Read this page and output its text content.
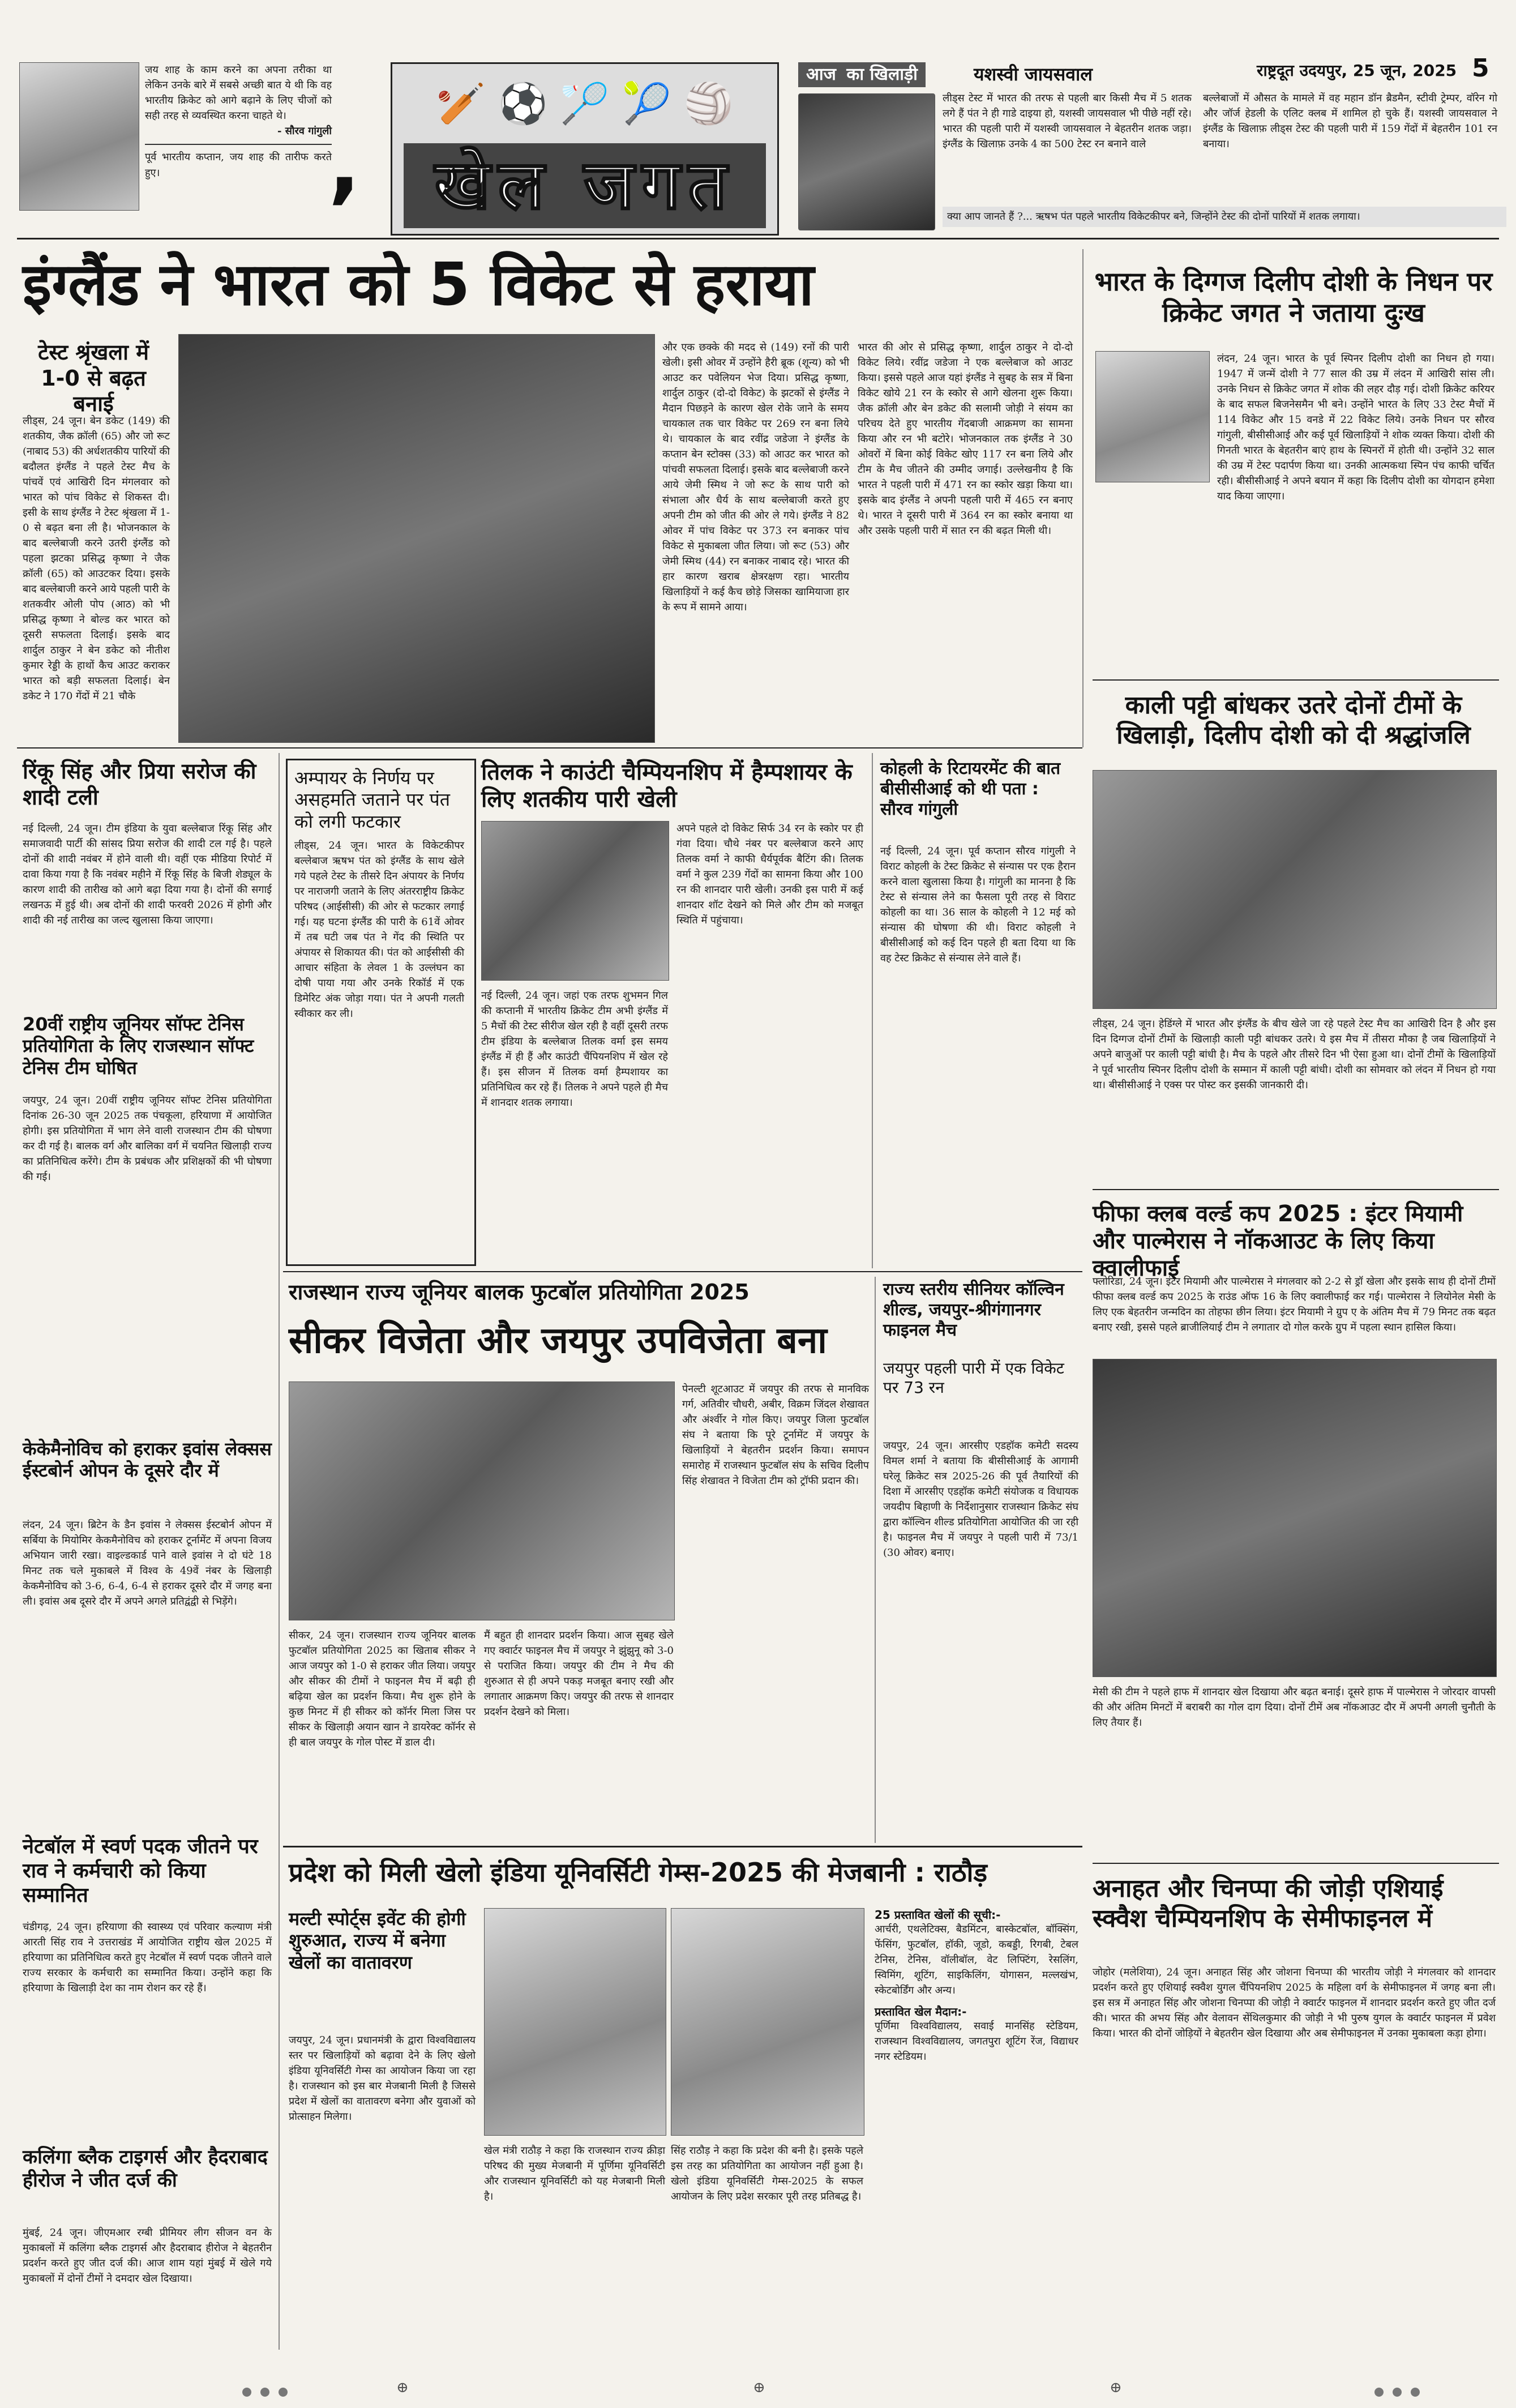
जय शाह के काम करने का अपना तरीका था लेकिन उनके बारे में सबसे अच्छी बात ये थी कि वह भारतीय क्रिकेट को आगे बढ़ाने के लिए चीजों को सही तरह से व्यवस्थित करना चाहते थे।
- सौरव गांगुली
पूर्व भारतीय कप्तान, जय शाह की तारीफ करते हुए।	,
🏏 ⚽ 🏸 🎾 🏐
खेल जगत
आज का खिलाड़ी	यशस्वी जायसवाल	राष्ट्रदूत उदयपुर, 25 जून, 2025 5
लीड्स टेस्ट में भारत की तरफ से पहली बार किसी मैच में 5 शतक लगे हैं पंत ने ही गाडे दाइया हो, यशस्वी जायसवाल भी पीछे नहीं रहे। भारत की पहली पारी में यशस्वी जायसवाल ने बेहतरीन शतक जड़ा। इंग्लैंड के खिलाफ़ उनके 4 का 500 टेस्ट रन बनाने वाले
बल्लेबाजों में औसत के मामले में वह महान डॉन ब्रैडमैन, स्टीवी ट्रेम्पर, वॉरेन गो और जॉर्ज हेडली के एलिट क्लब में शामिल हो चुके हैं। यशस्वी जायसवाल ने इंग्लैंड के खिलाफ़ लीड्स टेस्ट की पहली पारी में 159 गेंदों में बेहतरीन 101 रन बनाया।
क्या आप जानते हैं ?... ऋषभ पंत पहले भारतीय विकेटकीपर बने, जिन्होंने टेस्ट की दोनों पारियों में शतक लगाया।
इंग्लैंड ने भारत को 5 विकेट से हराया
टेस्ट श्रृंखला में 1-0 से बढ़त बनाई
लीड्स, 24 जून। बेन डकेट (149) की शतकीय, जैक क्रॉली (65) और जो रूट (नाबाद 53) की अर्धशतकीय पारियों की बदौलत इंग्लैंड ने पहले टेस्ट मैच के पांचवें एवं आखिरी दिन मंगलवार को भारत को पांच विकेट से शिकस्त दी। इसी के साथ इंग्लैंड ने टेस्ट श्रृंखला में 1-0 से बढ़त बना ली है। भोजनकाल के बाद बल्लेबाजी करने उतरी इंग्लैंड को पहला झटका प्रसिद्ध कृष्णा ने जैक क्रॉली (65) को आउटकर दिया। इसके बाद बल्लेबाजी करने आये पहली पारी के शतकवीर ओली पोप (आठ) को भी प्रसिद्ध कृष्णा ने बोल्ड कर भारत को दूसरी सफलता दिलाई। इसके बाद शार्दुल ठाकुर ने बेन डकेट को नीतीश कुमार रेड्डी के हाथों कैच आउट कराकर भारत को बड़ी सफलता दिलाई। बेन डकेट ने 170 गेंदों में 21 चौके
और एक छक्के की मदद से (149) रनों की पारी खेली। इसी ओवर में उन्होंने हैरी ब्रूक (शून्य) को भी आउट कर पवेलियन भेज दिया। प्रसिद्ध कृष्णा, शार्दुल ठाकुर (दो-दो विकेट) के झटकों से इंग्लैंड ने मैदान पिछड़ने के कारण खेल रोके जाने के समय चायकाल तक चार विकेट पर 269 रन बना लिये थे। चायकाल के बाद रवींद्र जडेजा ने इंग्लैंड के कप्तान बेन स्टोक्स (33) को आउट कर भारत को पांचवी सफलता दिलाई। इसके बाद बल्लेबाजी करने आये जेमी स्मिथ ने जो रूट के साथ पारी को संभाला और धैर्य के साथ बल्लेबाजी करते हुए अपनी टीम को जीत की ओर ले गये। इंग्लैंड ने 82 ओवर में पांच विकेट पर 373 रन बनाकर पांच विकेट से मुकाबला जीत लिया। जो रूट (53) और जेमी स्मिथ (44) रन बनाकर नाबाद रहे। भारत की हार कारण खराब क्षेत्ररक्षण रहा। भारतीय खिलाड़ियों ने कई कैच छोड़े जिसका खामियाजा हार के रूप में सामने आया।
भारत की ओर से प्रसिद्ध कृष्णा, शार्दुल ठाकुर ने दो-दो विकेट लिये। रवींद्र जडेजा ने एक बल्लेबाज को आउट किया। इससे पहले आज यहां इंग्लैंड ने सुबह के सत्र में बिना विकेट खोये 21 रन के स्कोर से आगे खेलना शुरू किया। जैक क्रॉली और बेन डकेट की सलामी जोड़ी ने संयम का परिचय देते हुए भारतीय गेंदबाजी आक्रमण का सामना किया और रन भी बटोरे। भोजनकाल तक इंग्लैंड ने 30 ओवरों में बिना कोई विकेट खोए 117 रन बना लिये और टीम के मैच जीतने की उम्मीद जगाई। उल्लेखनीय है कि भारत ने पहली पारी में 471 रन का स्कोर खड़ा किया था। इसके बाद इंग्लैंड ने अपनी पहली पारी में 465 रन बनाए थे। भारत ने दूसरी पारी में 364 रन का स्कोर बनाया था और उसके पहली पारी में सात रन की बढ़त मिली थी।
भारत के दिग्गज दिलीप दोशी के निधन पर क्रिकेट जगत ने जताया दुःख
लंदन, 24 जून। भारत के पूर्व स्पिनर दिलीप दोशी का निधन हो गया। 1947 में जन्में दोशी ने 77 साल की उम्र में लंदन में आखिरी सांस ली। उनके निधन से क्रिकेट जगत में शोक की लहर दौड़ गई। दोशी क्रिकेट करियर के बाद सफल बिजनेसमैन भी बने। उन्होंने भारत के लिए 33 टेस्ट मैचों में 114 विकेट और 15 वनडे में 22 विकेट लिये। उनके निधन पर सौरव गांगुली, बीसीसीआई और कई पूर्व खिलाड़ियों ने शोक व्यक्त किया। दोशी की गिनती भारत के बेहतरीन बाएं हाथ के स्पिनरों में होती थी। उन्होंने 32 साल की उम्र में टेस्ट पदार्पण किया था। उनकी आत्मकथा स्पिन पंच काफी चर्चित रही। बीसीसीआई ने अपने बयान में कहा कि दिलीप दोशी का योगदान हमेशा याद किया जाएगा।
काली पट्टी बांधकर उतरे दोनों टीमों के खिलाड़ी, दिलीप दोशी को दी श्रद्धांजलि
लीड्स, 24 जून। हेडिंग्ले में भारत और इंग्लैंड के बीच खेले जा रहे पहले टेस्ट मैच का आखिरी दिन है और इस दिन दिग्गज दोनों टीमों के खिलाड़ी काली पट्टी बांधकर उतरे। ये इस मैच में तीसरा मौका है जब खिलाड़ियों ने अपने बाजुओं पर काली पट्टी बांधी है। मैच के पहले और तीसरे दिन भी ऐसा हुआ था। दोनों टीमों के खिलाड़ियों ने पूर्व भारतीय स्पिनर दिलीप दोशी के सम्मान में काली पट्टी बांधी। दोशी का सोमवार को लंदन में निधन हो गया था। बीसीसीआई ने एक्स पर पोस्ट कर इसकी जानकारी दी।
फीफा क्लब वर्ल्ड कप 2025 : इंटर मियामी और पाल्मेरास ने नॉकआउट के लिए किया क्वालीफाई
फ्लोरिडा, 24 जून। इंटर मियामी और पाल्मेरास ने मंगलवार को 2-2 से ड्रॉ खेला और इसके साथ ही दोनों टीमों फीफा क्लब वर्ल्ड कप 2025 के राउंड ऑफ 16 के लिए क्वालीफाई कर गई। पाल्मेरास ने लियोनेल मेसी के लिए एक बेहतरीन जन्मदिन का तोहफा छीन लिया। इंटर मियामी ने ग्रुप ए के अंतिम मैच में 79 मिनट तक बढ़त बनाए रखी, इससे पहले ब्राजीलियाई टीम ने लगातार दो गोल करके ग्रुप में पहला स्थान हासिल किया।
मेसी की टीम ने पहले हाफ में शानदार खेल दिखाया और बढ़त बनाई। दूसरे हाफ में पाल्मेरास ने जोरदार वापसी की और अंतिम मिनटों में बराबरी का गोल दाग दिया। दोनों टीमें अब नॉकआउट दौर में अपनी अगली चुनौती के लिए तैयार हैं।
अनाहत और चिनप्पा की जोड़ी एशियाई स्क्वैश चैम्पियनशिप के सेमीफाइनल में
जोहोर (मलेशिया), 24 जून। अनाहत सिंह और जोशना चिनप्पा की भारतीय जोड़ी ने मंगलवार को शानदार प्रदर्शन करते हुए एशियाई स्क्वैश युगल चैंपियनशिप 2025 के महिला वर्ग के सेमीफाइनल में जगह बना ली। इस सत्र में अनाहत सिंह और जोशना चिनप्पा की जोड़ी ने क्वार्टर फाइनल में शानदार प्रदर्शन करते हुए जीत दर्ज की। भारत की अभय सिंह और वेलावन सेंथिलकुमार की जोड़ी ने भी पुरुष युगल के क्वार्टर फाइनल में प्रवेश किया। भारत की दोनों जोड़ियों ने बेहतरीन खेल दिखाया और अब सेमीफाइनल में उनका मुकाबला कड़ा होगा।
रिंकू सिंह और प्रिया सरोज की शादी टली
नई दिल्ली, 24 जून। टीम इंडिया के युवा बल्लेबाज रिंकू सिंह और समाजवादी पार्टी की सांसद प्रिया सरोज की शादी टल गई है। पहले दोनों की शादी नवंबर में होने वाली थी। वहीं एक मीडिया रिपोर्ट में दावा किया गया है कि नवंबर महीने में रिंकू सिंह के बिजी शेड्यूल के कारण शादी की तारीख को आगे बढ़ा दिया गया है। दोनों की सगाई लखनऊ में हुई थी। अब दोनों की शादी फरवरी 2026 में होगी और शादी की नई तारीख का जल्द खुलासा किया जाएगा।
20वीं राष्ट्रीय जूनियर सॉफ्ट टेनिस प्रतियोगिता के लिए राजस्थान सॉफ्ट टेनिस टीम घोषित
जयपुर, 24 जून। 20वीं राष्ट्रीय जूनियर सॉफ्ट टेनिस प्रतियोगिता दिनांक 26-30 जून 2025 तक पंचकूला, हरियाणा में आयोजित होगी। इस प्रतियोगिता में भाग लेने वाली राजस्थान टीम की घोषणा कर दी गई है। बालक वर्ग और बालिका वर्ग में चयनित खिलाड़ी राज्य का प्रतिनिधित्व करेंगे। टीम के प्रबंधक और प्रशिक्षकों की भी घोषणा की गई।
केकेमैनोविच को हराकर इवांस लेक्सस ईस्टबोर्न ओपन के दूसरे दौर में
लंदन, 24 जून। ब्रिटेन के डैन इवांस ने लेक्सस ईस्टबोर्न ओपन में सर्बिया के मियोमिर केकमैनोविच को हराकर टूर्नामेंट में अपना विजय अभियान जारी रखा। वाइल्डकार्ड पाने वाले इवांस ने दो घंटे 18 मिनट तक चले मुकाबले में विश्व के 49वें नंबर के खिलाड़ी केकमैनोविच को 3-6, 6-4, 6-4 से हराकर दूसरे दौर में जगह बना ली। इवांस अब दूसरे दौर में अपने अगले प्रतिद्वंद्वी से भिड़ेंगे।
नेटबॉल में स्वर्ण पदक जीतने पर राव ने कर्मचारी को किया सम्मानित
चंडीगढ़, 24 जून। हरियाणा की स्वास्थ्य एवं परिवार कल्याण मंत्री आरती सिंह राव ने उत्तराखंड में आयोजित राष्ट्रीय खेल 2025 में हरियाणा का प्रतिनिधित्व करते हुए नेटबॉल में स्वर्ण पदक जीतने वाले राज्य सरकार के कर्मचारी का सम्मानित किया। उन्होंने कहा कि हरियाणा के खिलाड़ी देश का नाम रोशन कर रहे हैं।
कलिंगा ब्लैक टाइगर्स और हैदराबाद हीरोज ने जीत दर्ज की
मुंबई, 24 जून। जीएमआर रग्बी प्रीमियर लीग सीजन वन के मुकाबलों में कलिंगा ब्लैक टाइगर्स और हैदराबाद हीरोज ने बेहतरीन प्रदर्शन करते हुए जीत दर्ज की। आज शाम यहां मुंबई में खेले गये मुकाबलों में दोनों टीमों ने दमदार खेल दिखाया।
अम्पायर के निर्णय पर असहमति जताने पर पंत को लगी फटकार
लीड्स, 24 जून। भारत के विकेटकीपर बल्लेबाज ऋषभ पंत को इंग्लैंड के साथ खेले गये पहले टेस्ट के तीसरे दिन अंपायर के निर्णय पर नाराजगी जताने के लिए अंतरराष्ट्रीय क्रिकेट परिषद (आईसीसी) की ओर से फटकार लगाई गई। यह घटना इंग्लैंड की पारी के 61वें ओवर में तब घटी जब पंत ने गेंद की स्थिति पर अंपायर से शिकायत की। पंत को आईसीसी की आचार संहिता के लेवल 1 के उल्लंघन का दोषी पाया गया और उनके रिकॉर्ड में एक डिमेरिट अंक जोड़ा गया। पंत ने अपनी गलती स्वीकार कर ली।
तिलक ने काउंटी चैम्पियनशिप में हैम्पशायर के लिए शतकीय पारी खेली
नई दिल्ली, 24 जून। जहां एक तरफ शुभमन गिल की कप्तानी में भारतीय क्रिकेट टीम अभी इंग्लैंड में 5 मैचों की टेस्ट सीरीज खेल रही है वहीं दूसरी तरफ टीम इंडिया के बल्लेबाज तिलक वर्मा इस समय इंग्लैंड में ही हैं और काउंटी चैंपियनशिप में खेल रहे हैं। इस सीजन में तिलक वर्मा हैम्पशायर का प्रतिनिधित्व कर रहे हैं। तिलक ने अपने पहले ही मैच में शानदार शतक लगाया।
अपने पहले दो विकेट सिर्फ 34 रन के स्कोर पर ही गंवा दिया। चौथे नंबर पर बल्लेबाज करने आए तिलक वर्मा ने काफी धैर्यपूर्वक बैटिंग की। तिलक वर्मा ने कुल 239 गेंदों का सामना किया और 100 रन की शानदार पारी खेली। उनकी इस पारी में कई शानदार शॉट देखने को मिले और टीम को मजबूत स्थिति में पहुंचाया।
कोहली के रिटायरमेंट की बात बीसीसीआई को थी पता : सौरव गांगुली
नई दिल्ली, 24 जून। पूर्व कप्तान सौरव गांगुली ने विराट कोहली के टेस्ट क्रिकेट से संन्यास पर एक हैरान करने वाला खुलासा किया है। गांगुली का मानना है कि टेस्ट से संन्यास लेने का फैसला पूरी तरह से विराट कोहली का था। 36 साल के कोहली ने 12 मई को संन्यास की घोषणा की थी। विराट कोहली ने बीसीसीआई को कई दिन पहले ही बता दिया था कि वह टेस्ट क्रिकेट से संन्यास लेने वाले हैं।
राजस्थान राज्य जूनियर बालक फुटबॉल प्रतियोगिता 2025
सीकर विजेता और जयपुर उपविजेता बना
सीकर, 24 जून। राजस्थान राज्य जूनियर बालक फुटबॉल प्रतियोगिता 2025 का खिताब सीकर ने आज जयपुर को 1-0 से हराकर जीत लिया। जयपुर और सीकर की टीमों ने फाइनल मैच में बढ़ी ही बढ़िया खेल का प्रदर्शन किया। मैच शुरू होने के कुछ मिनट में ही सीकर को कॉर्नर मिला जिस पर सीकर के खिलाड़ी अयान खान ने डायरेक्ट कॉर्नर से ही बाल जयपुर के गोल पोस्ट में डाल दी।
मैं बहुत ही शानदार प्रदर्शन किया। आज सुबह खेले गए क्वार्टर फाइनल मैच में जयपुर ने झुंझुनू को 3-0 से पराजित किया। जयपुर की टीम ने मैच की शुरुआत से ही अपने पकड़ मजबूत बनाए रखी और लगातार आक्रमण किए। जयपुर की तरफ से शानदार प्रदर्शन देखने को मिला।
पेनल्टी शूटआउट में जयपुर की तरफ से मानविक गर्ग, अतिवीर चौधरी, अबीर, विक्रम जिंदल शेखावत और अंर्श्वीर ने गोल किए। जयपुर जिला फुटबॉल संघ ने बताया कि पूरे टूर्नामेंट में जयपुर के खिलाड़ियों ने बेहतरीन प्रदर्शन किया। समापन समारोह में राजस्थान फुटबॉल संघ के सचिव दिलीप सिंह शेखावत ने विजेता टीम को ट्रॉफी प्रदान की।
राज्य स्तरीय सीनियर कॉल्विन शील्ड, जयपुर-श्रीगंगानगर फाइनल मैच
जयपुर पहली पारी में एक विकेट पर 73 रन
जयपुर, 24 जून। आरसीए एडहॉक कमेटी सदस्य विमल शर्मा ने बताया कि बीसीसीआई के आगामी घरेलू क्रिकेट सत्र 2025-26 की पूर्व तैयारियों की दिशा में आरसीए एडहॉक कमेटी संयोजक व विधायक जयदीप बिहाणी के निर्देशानुसार राजस्थान क्रिकेट संघ द्वारा कॉल्विन शील्ड प्रतियोगिता आयोजित की जा रही है। फाइनल मैच में जयपुर ने पहली पारी में 73/1 (30 ओवर) बनाए।
प्रदेश को मिली खेलो इंडिया यूनिवर्सिटी गेम्स-2025 की मेजबानी : राठौड़
मल्टी स्पोर्ट्स इवेंट की होगी शुरुआत, राज्य में बनेगा खेलों का वातावरण
जयपुर, 24 जून। प्रधानमंत्री के द्वारा विश्वविद्यालय स्तर पर खिलाड़ियों को बढ़ावा देने के लिए खेलो इंडिया यूनिवर्सिटी गेम्स का आयोजन किया जा रहा है। राजस्थान को इस बार मेजबानी मिली है जिससे प्रदेश में खेलों का वातावरण बनेगा और युवाओं को प्रोत्साहन मिलेगा।
खेल मंत्री राठौड़ ने कहा कि राजस्थान राज्य क्रीड़ा परिषद की मुख्य मेजबानी में पूर्णिमा यूनिवर्सिटी और राजस्थान यूनिवर्सिटी को यह मेजबानी मिली है।
सिंह राठौड़ ने कहा कि प्रदेश की बनी है। इसके पहले इस तरह का प्रतियोगिता का आयोजन नहीं हुआ है। खेलो इंडिया यूनिवर्सिटी गेम्स-2025 के सफल आयोजन के लिए प्रदेश सरकार पूरी तरह प्रतिबद्ध है।
25 प्रस्तावित खेलों की सूची:-
आर्चरी, एथलेटिक्स, बैडमिंटन, बास्केटबॉल, बॉक्सिंग, फेंसिंग, फुटबॉल, हॉकी, जूडो, कबड्डी, रिगबी, टेबल टेनिस, टेनिस, वॉलीबॉल, वेट लिफ्टिंग, रेसलिंग, स्विमिंग, शूटिंग, साइकिलिंग, योगासन, मल्लखंभ, स्केटबोर्डिंग और अन्य।
प्रस्तावित खेल मैदान:-
पूर्णिमा विश्वविद्यालय, सवाई मानसिंह स्टेडियम, राजस्थान विश्वविद्यालय, जगतपुरा शूटिंग रेंज, विद्याधर नगर स्टेडियम।
⊕	⊕	⊕
